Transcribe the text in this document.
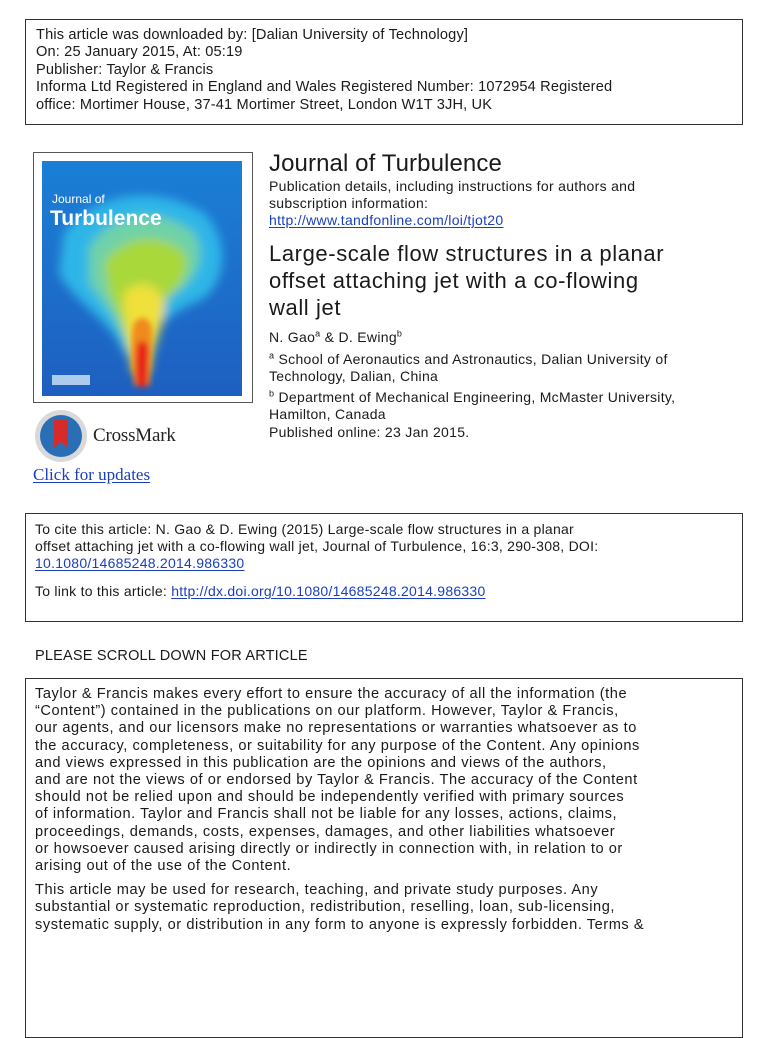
This article was downloaded by: [Dalian University of Technology]
On: 25 January 2015, At: 05:19
Publisher: Taylor & Francis
Informa Ltd Registered in England and Wales Registered Number: 1072954 Registered
office: Mortimer House, 37-41 Mortimer Street, London W1T 3JH, UK
Journal of
Turbulence
CrossMark
Click for updates
Journal of Turbulence
Publication details, including instructions for authors and
subscription information:
http://www.tandfonline.com/loi/tjot20
Large-scale flow structures in a planar
offset attaching jet with a co-flowing
wall jet
N. Gao$^a$ & D. Ewing$^b$
$^a$ School of Aeronautics and Astronautics, Dalian University of
Technology, Dalian, China
$^b$ Department of Mechanical Engineering, McMaster University,
Hamilton, Canada
Published online: 23 Jan 2015.
To cite this article: N. Gao & D. Ewing (2015) Large-scale flow structures in a planar
offset attaching jet with a co-flowing wall jet, Journal of Turbulence, 16:3, 290-308, DOI:
10.1080/14685248.2014.986330
To link to this article: http://dx.doi.org/10.1080/14685248.2014.986330
PLEASE SCROLL DOWN FOR ARTICLE
Taylor & Francis makes every effort to ensure the accuracy of all the information (the
“Content”) contained in the publications on our platform. However, Taylor & Francis,
our agents, and our licensors make no representations or warranties whatsoever as to
the accuracy, completeness, or suitability for any purpose of the Content. Any opinions
and views expressed in this publication are the opinions and views of the authors,
and are not the views of or endorsed by Taylor & Francis. The accuracy of the Content
should not be relied upon and should be independently verified with primary sources
of information. Taylor and Francis shall not be liable for any losses, actions, claims,
proceedings, demands, costs, expenses, damages, and other liabilities whatsoever
or howsoever caused arising directly or indirectly in connection with, in relation to or
arising out of the use of the Content.
This article may be used for research, teaching, and private study purposes. Any
substantial or systematic reproduction, redistribution, reselling, loan, sub-licensing,
systematic supply, or distribution in any form to anyone is expressly forbidden. Terms &
